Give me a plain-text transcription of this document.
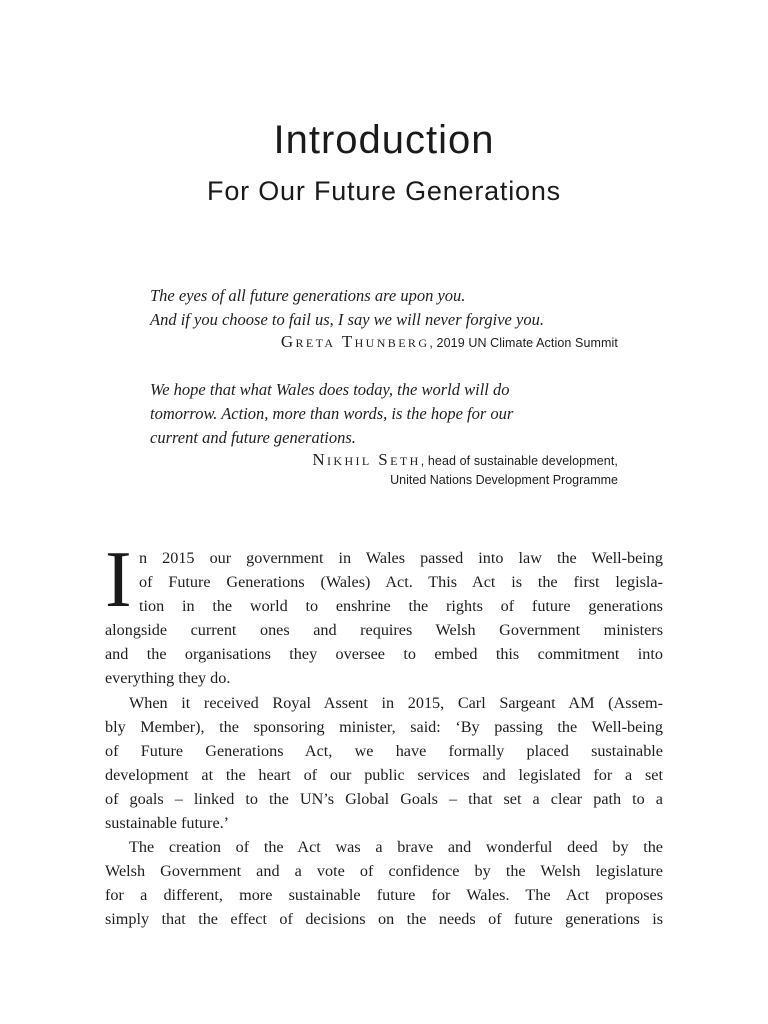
Introduction
For Our Future Generations
The eyes of all future generations are upon you.
And if you choose to fail us, I say we will never forgive you.
Greta Thunberg, 2019 UN Climate Action Summit
We hope that what Wales does today, the world will do
tomorrow. Action, more than words, is the hope for our
current and future generations.
Nikhil Seth, head of sustainable development,
United Nations Development Programme
I n 2015 our government in Wales passed into law the Well-being
of Future Generations (Wales) Act. This Act is the first legisla-
tion in the world to enshrine the rights of future generations
alongside current ones and requires Welsh Government ministers
and the organisations they oversee to embed this commitment into
everything they do.
When it received Royal Assent in 2015, Carl Sargeant AM (Assem-
bly Member), the sponsoring minister, said: ‘By passing the Well-being
of Future Generations Act, we have formally placed sustainable
development at the heart of our public services and legislated for a set
of goals – linked to the UN’s Global Goals – that set a clear path to a
sustainable future.’
The creation of the Act was a brave and wonderful deed by the
Welsh Government and a vote of confidence by the Welsh legislature
for a different, more sustainable future for Wales. The Act proposes
simply that the effect of decisions on the needs of future generations is
